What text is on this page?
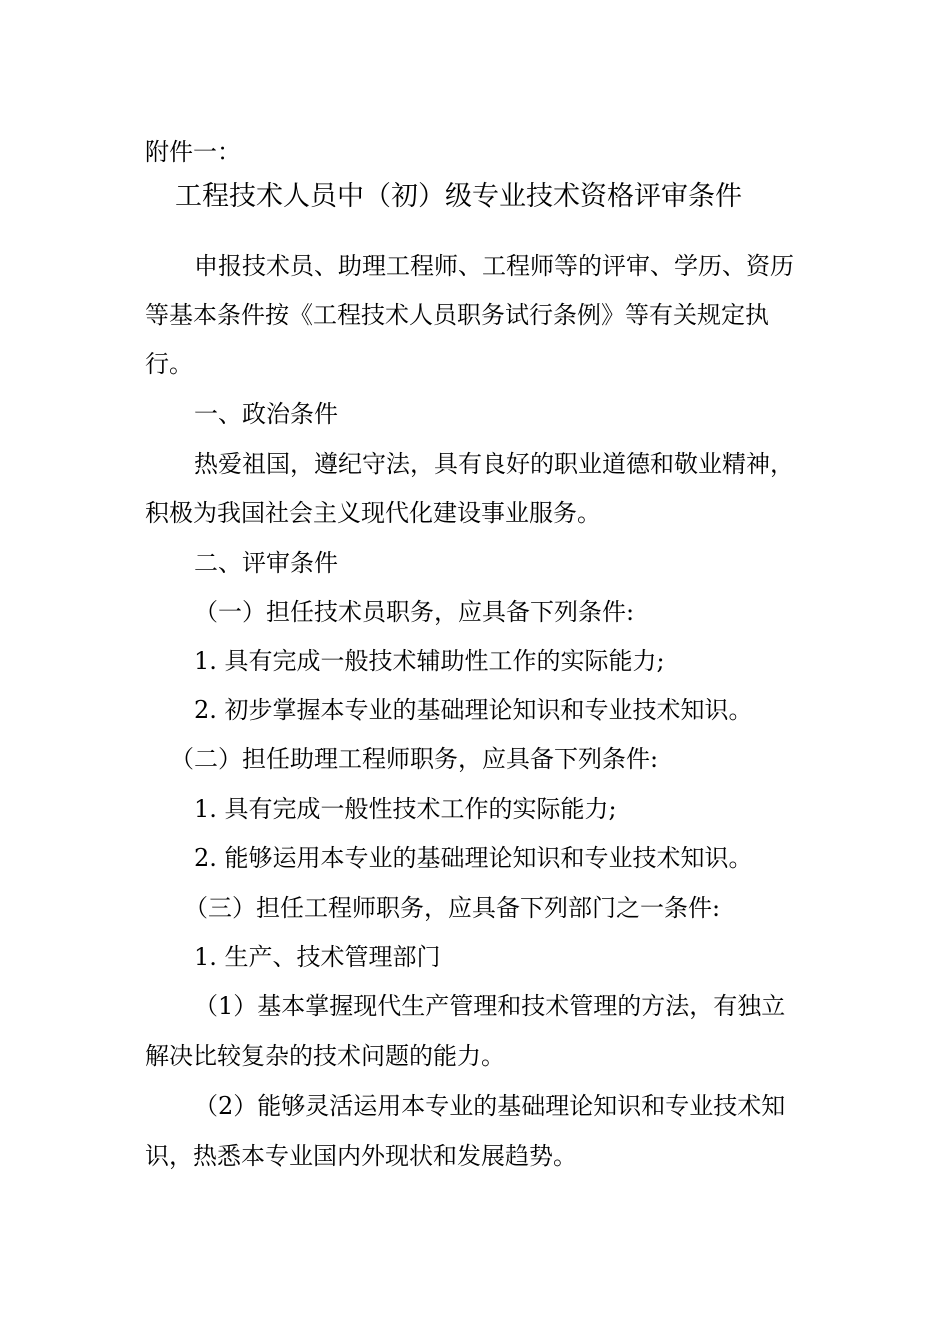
附件一：
工程技术人员中（初）级专业技术资格评审条件
申报技术员、助理工程师、工程师等的评审、学历、资历
等基本条件按《工程技术人员职务试行条例》等有关规定执
行。
一、政治条件
热爱祖国，遵纪守法，具有良好的职业道德和敬业精神，
积极为我国社会主义现代化建设事业服务。
二、评审条件
（一）担任技术员职务，应具备下列条件:
1. 具有完成一般技术辅助性工作的实际能力;
2. 初步掌握本专业的基础理论知识和专业技术知识。
（二）担任助理工程师职务，应具备下列条件:
1. 具有完成一般性技术工作的实际能力;
2. 能够运用本专业的基础理论知识和专业技术知识。
（三）担任工程师职务，应具备下列部门之一条件:
1. 生产、技术管理部门
（1）基本掌握现代生产管理和技术管理的方法，有独立
解决比较复杂的技术问题的能力。
（2）能够灵活运用本专业的基础理论知识和专业技术知
识，热悉本专业国内外现状和发展趋势。
